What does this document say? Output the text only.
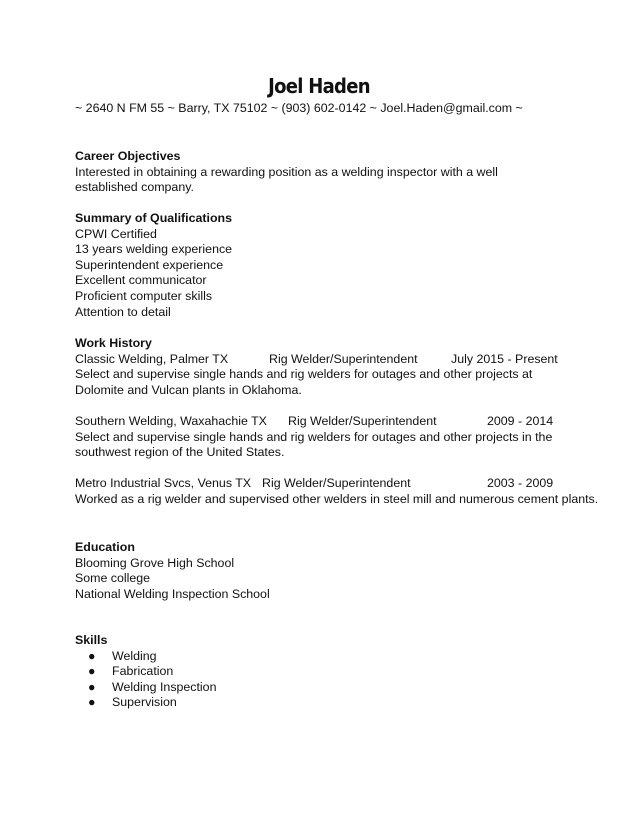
Joel Haden
~ 2640 N FM 55 ~ Barry, TX 75102 ~ (903) 602-0142 ~ Joel.Haden@gmail.com ~
Career Objectives
Interested in obtaining a rewarding position as a welding inspector with a well established company.
Summary of Qualifications
CPWI Certified
13 years welding experience
Superintendent experience
Excellent communicator
Proficient computer skills
Attention to detail
Work History
Classic Welding, Palmer TX	Rig Welder/Superintendent	July 2015 - Present
Select and supervise single hands and rig welders for outages and other projects at Dolomite and Vulcan plants in Oklahoma.
Southern Welding, Waxahachie TX Rig Welder/Superintendent	2009 - 2014
Select and supervise single hands and rig welders for outages and other projects in the southwest region of the United States.
Metro Industrial Svcs, Venus TX Rig Welder/Superintendent	2003 - 2009
Worked as a rig welder and supervised other welders in steel mill and numerous cement plants.
Education
Blooming Grove High School
Some college
National Welding Inspection School
Skills
● Welding
● Fabrication
● Welding Inspection
● Supervision
